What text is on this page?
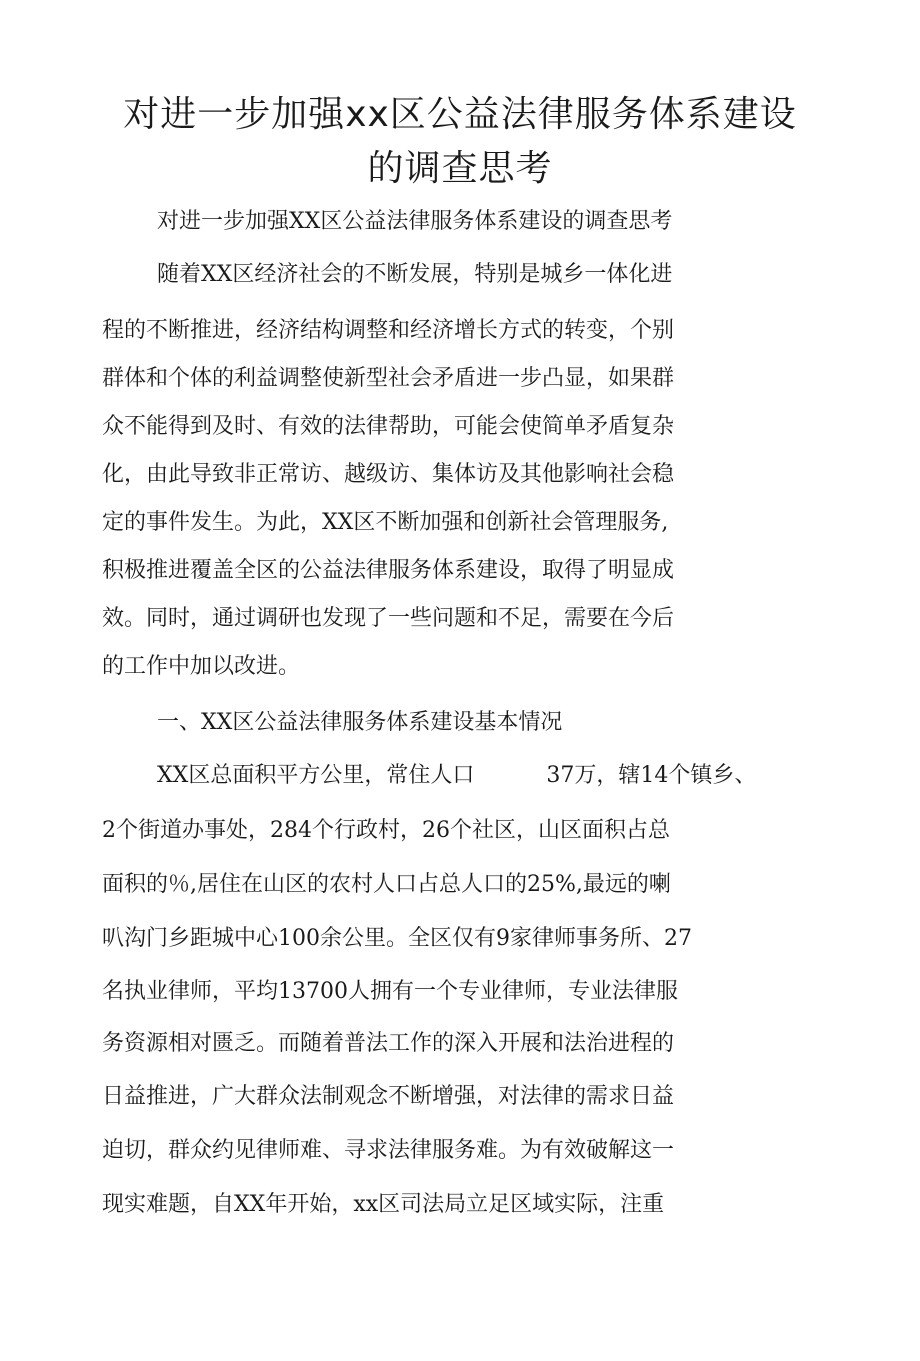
对进一步加强xx区公益法律服务体系建设
的调查思考

对进一步加强XX区公益法律服务体系建设的调查思考

随着XX区经济社会的不断发展，特别是城乡一体化进

程的不断推进，经济结构调整和经济增长方式的转变，个别

群体和个体的利益调整使新型社会矛盾进一步凸显，如果群

众不能得到及时、有效的法律帮助，可能会使简单矛盾复杂

化，由此导致非正常访、越级访、集体访及其他影响社会稳

定的事件发生。为此，XX区不断加强和创新社会管理服务,

积极推进覆盖全区的公益法律服务体系建设，取得了明显成

效。同时，通过调研也发现了一些问题和不足，需要在今后

的工作中加以改进。

一、XX区公益法律服务体系建设基本情况

XX区总面积平方公里，常住人口	37万，辖14个镇乡、

2个街道办事处，284个行政村，26个社区，山区面积占总

面积的％,居住在山区的农村人口占总人口的25%,最远的喇

叭沟门乡距城中心100余公里。全区仅有9家律师事务所、27

名执业律师，平均13700人拥有一个专业律师，专业法律服

务资源相对匮乏。而随着普法工作的深入开展和法治进程的

日益推进，广大群众法制观念不断增强，对法律的需求日益

迫切，群众约见律师难、寻求法律服务难。为有效破解这一

现实难题，自XX年开始，xx区司法局立足区域实际，注重
